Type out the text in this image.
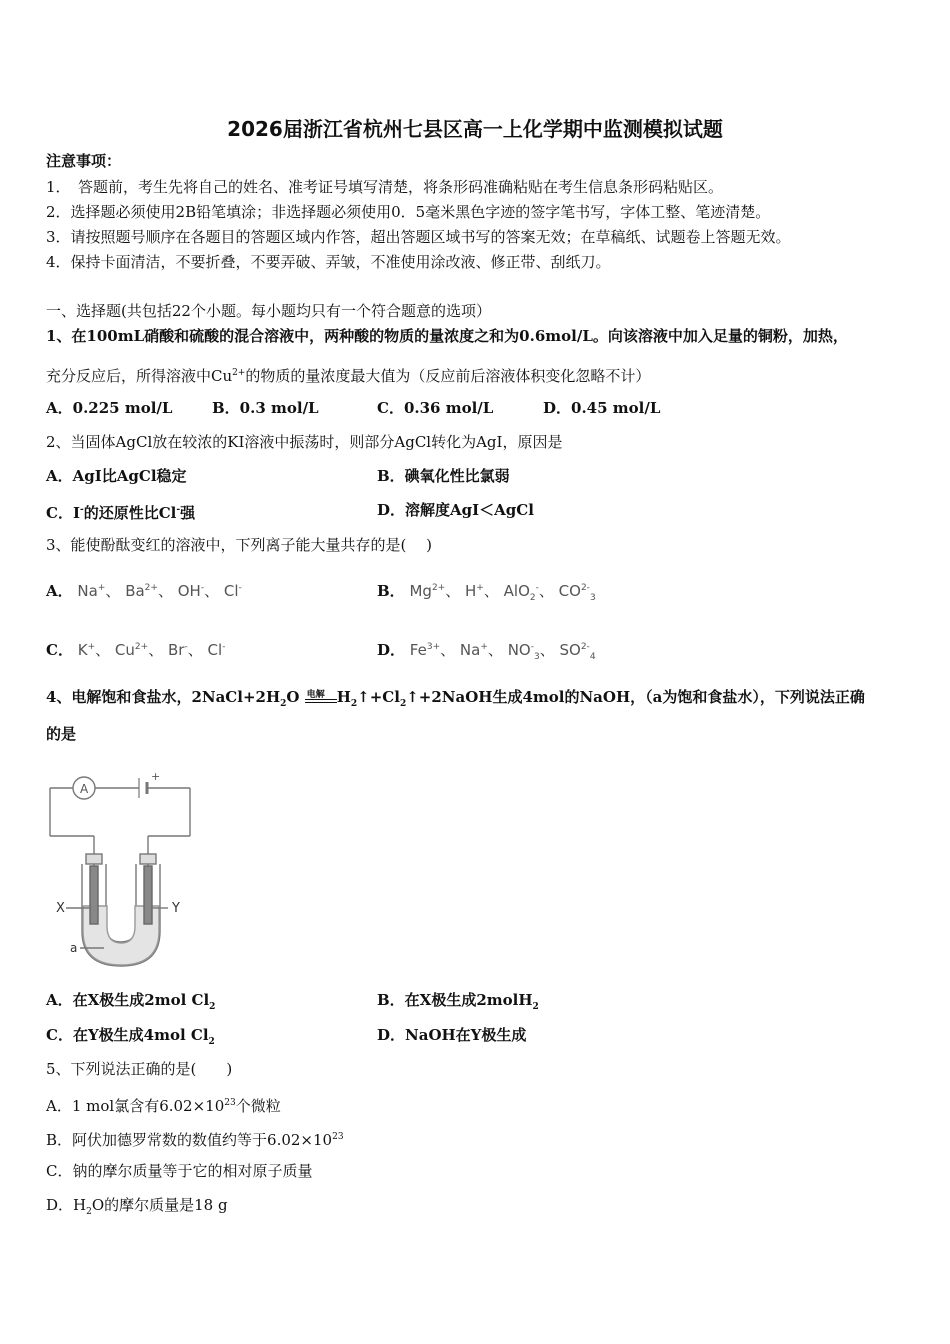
2026届浙江省杭州七县区高一上化学期中监测模拟试题
注意事项：
1．　答题前，考生先将自己的姓名、准考证号填写清楚，将条形码准确粘贴在考生信息条形码粘贴区。
2．选择题必须使用2B铅笔填涂；非选择题必须使用0．5毫米黑色字迹的签字笔书写，字体工整、笔迹清楚。
3．请按照题号顺序在各题目的答题区域内作答，超出答题区域书写的答案无效；在草稿纸、试题卷上答题无效。
4．保持卡面清洁，不要折叠，不要弄破、弄皱，不准使用涂改液、修正带、刮纸刀。
一、选择题(共包括22个小题。每小题均只有一个符合题意的选项）
1、在100mL硝酸和硫酸的混合溶液中，两种酸的物质的量浓度之和为0.6mol/L。向该溶液中加入足量的铜粉，加热，
充分反应后，所得溶液中$Cu^{2+}$的物质的量浓度最大值为（反应前后溶液体积变化忽略不计）
A．0.225 mol/L	B．0.3 mol/L	C．0.36 mol/L	D．0.45 mol/L
2、当固体AgCl放在较浓的KI溶液中振荡时，则部分AgCl转化为AgI，原因是
A．AgI比AgCl稳定	B．碘氧化性比氯弱
C．I-的还原性比Cl-强	D．溶解度AgI＜AgCl
3、能使酚酞变红的溶液中，下列离子能大量共存的是(　 )
A． Na+、 $Ba^{2+}$、 OH-、 Cl-	B． $Mg^{2+}$、 H+、 AlO$_2$-、 $CO^{2-}_3$
C． K+、 $Cu^{2+}$、 Br-、 Cl-	D． $Fe^{3+}$、 Na+、 $NO^-_3$、 $SO^{2-}_4$
4、电解饱和食盐水，$2NaCl+2H_2O$ 电解 $H_2↑+Cl_2↑+2NaOH$生成4mol的NaOH，（a为饱和食盐水），下列说法正确
的是
A
+
X	Y
a
A．在X极生成2mol $Cl_2$	B．在X极生成2molH$_2$
C．在Y极生成4mol $Cl_2$	D．NaOH在Y极生成
5、下列说法正确的是(　　)
A．1 mol氯含有$6.02\times 10^{23}$个微粒
B．阿伏加德罗常数的数值约等于$6.02\times 10^{23}$
C．钠的摩尔质量等于它的相对原子质量
D．$H_2O$的摩尔质量是18 g
